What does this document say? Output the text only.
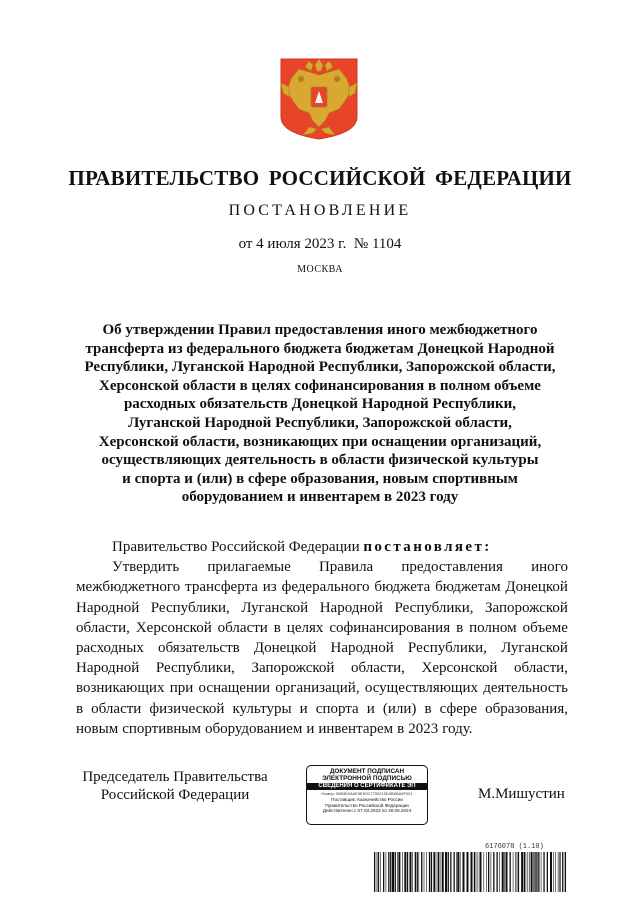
ПРАВИТЕЛЬСТВО РОССИЙСКОЙ ФЕДЕРАЦИИ
ПОСТАНОВЛЕНИЕ
от 4 июля 2023 г.  № 1104
МОСКВА
Об утверждении Правил предоставления иного межбюджетного
трансферта из федерального бюджета бюджетам Донецкой Народной
Республики, Луганской Народной Республики, Запорожской области,
Херсонской области в целях софинансирования в полном объеме
расходных обязательств Донецкой Народной Республики,
Луганской Народной Республики, Запорожской области,
Херсонской области, возникающих при оснащении организаций,
осуществляющих деятельность в области физической культуры
и спорта и (или) в сфере образования, новым спортивным
оборудованием и инвентарем в 2023 году
Правительство Российской Федерации
постановляет:
Утвердить прилагаемые Правила предоставления иного
межбюджетного трансферта из федерального бюджета бюджетам Донецкой
Народной Республики, Луганской Народной Республики, Запорожской
области, Херсонской области в целях софинансирования в полном объеме
расходных обязательств Донецкой Народной Республики, Луганской
Народной Республики, Запорожской области, Херсонской области,
возникающих при оснащении организаций, осуществляющих деятельность
в области физической культуры и спорта и (или) в сфере образования,
новым спортивным оборудованием и инвентарем в 2023 году.
Председатель Правительства
Российской Федерации
ДОКУМЕНТ ПОДПИСАН
ЭЛЕКТРОННОЙ ПОДПИСЬЮ
СВЕДЕНИЯ О СЕРТИФИКАТЕ ЭП
Номер: 00B3E0A9E9EE0C7750219D0B0BA9F001
Поставщик: Казначейство России
Правительство Российской Федерации
Действителен с 07.03.2023 по 30.05.2024
М.Мишустин
6176078 (1.10)
